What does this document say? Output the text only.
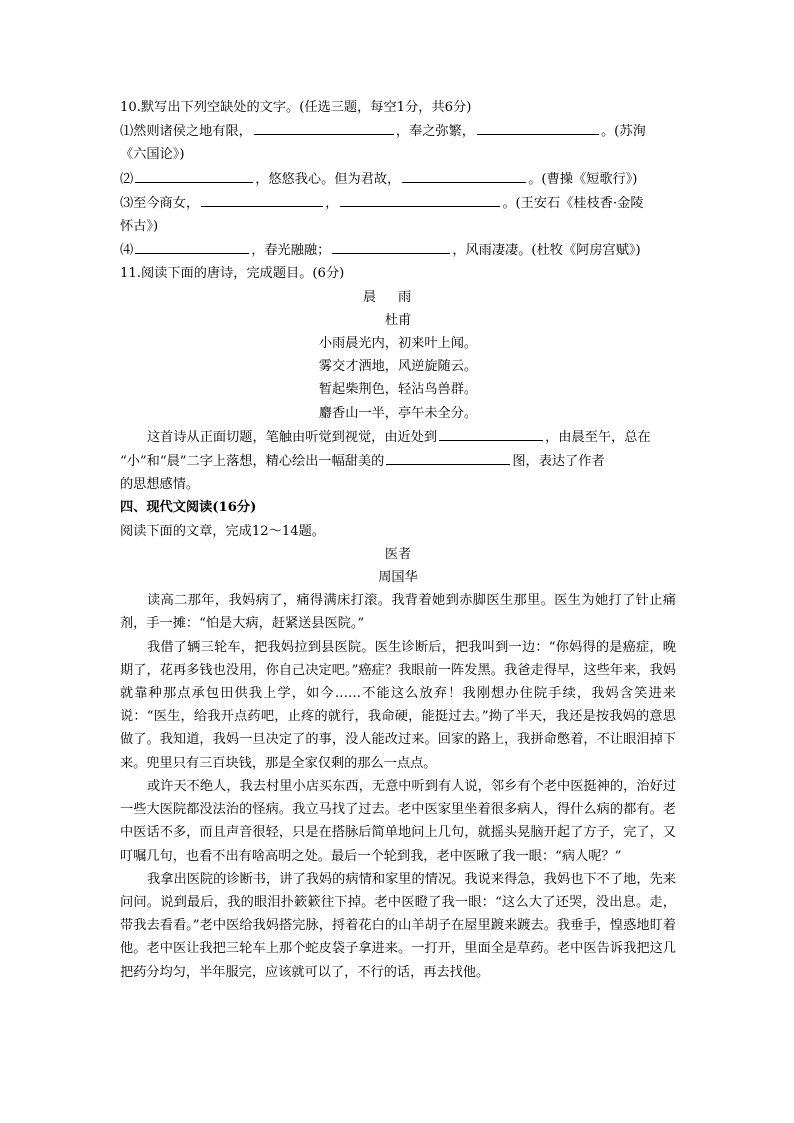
10.默写出下列空缺处的文字。(任选三题，每空1分，共6分)
⑴然则诸侯之地有限，	，奉之弥繁，	。(苏洵
《六国论》)
⑵	，悠悠我心。但为君故，	。(曹操《短歌行》)
⑶至今商女，	，	。(王安石《桂枝香·金陵
怀古》)
⑷	，春光融融；	，风雨凄凄。(杜牧《阿房宫赋》)
11.阅读下面的唐诗，完成题目。(6分)
晨雨
杜甫
小雨晨光内，初来叶上闻。
雾交才洒地，风逆旋随云。
暂起柴荆色，轻沾鸟兽群。
麝香山一半，亭午未全分。
这首诗从正面切题，笔触由听觉到视觉，由近处到	，由晨至午，总在
“小”和“晨”二字上落想，精心绘出一幅甜美的	图，表达了作者
的思想感情。
四、现代文阅读(16分)
阅读下面的文章，完成12～14题。
医者
周国华
读高二那年，我妈病了，痛得满床打滚。我背着她到赤脚医生那里。医生为她打了针止痛剂，手一摊：“怕是大病，赶紧送县医院。”
我借了辆三轮车，把我妈拉到县医院。医生诊断后，把我叫到一边：“你妈得的是癌症，晚期了，花再多钱也没用，你自己决定吧。”癌症？我眼前一阵发黑。我爸走得早，这些年来，我妈就靠种那点承包田供我上学，如今……不能这么放弃！我刚想办住院手续，我妈含笑进来说：“医生，给我开点药吧，止疼的就行，我命硬，能挺过去。”拗了半天，我还是按我妈的意思做了。我知道，我妈一旦决定了的事，没人能改过来。回家的路上，我拼命憋着，不让眼泪掉下来。兜里只有三百块钱，那是全家仅剩的那么一点点。
或许天不绝人，我去村里小店买东西，无意中听到有人说，邻乡有个老中医挺神的，治好过一些大医院都没法治的怪病。我立马找了过去。老中医家里坐着很多病人，得什么病的都有。老中医话不多，而且声音很轻，只是在搭脉后简单地问上几句，就摇头晃脑开起了方子，完了，又叮嘱几句，也看不出有啥高明之处。最后一个轮到我，老中医瞅了我一眼：“病人呢？”
我拿出医院的诊断书，讲了我妈的病情和家里的情况。我说来得急，我妈也下不了地，先来问问。说到最后，我的眼泪扑簌簌往下掉。老中医瞪了我一眼：“这么大了还哭，没出息。走，带我去看看。”老中医给我妈搭完脉，捋着花白的山羊胡子在屋里踱来踱去。我垂手，惶惑地盯着他。老中医让我把三轮车上那个蛇皮袋子拿进来。一打开，里面全是草药。老中医告诉我把这几把药分均匀，半年服完，应该就可以了，不行的话，再去找他。
